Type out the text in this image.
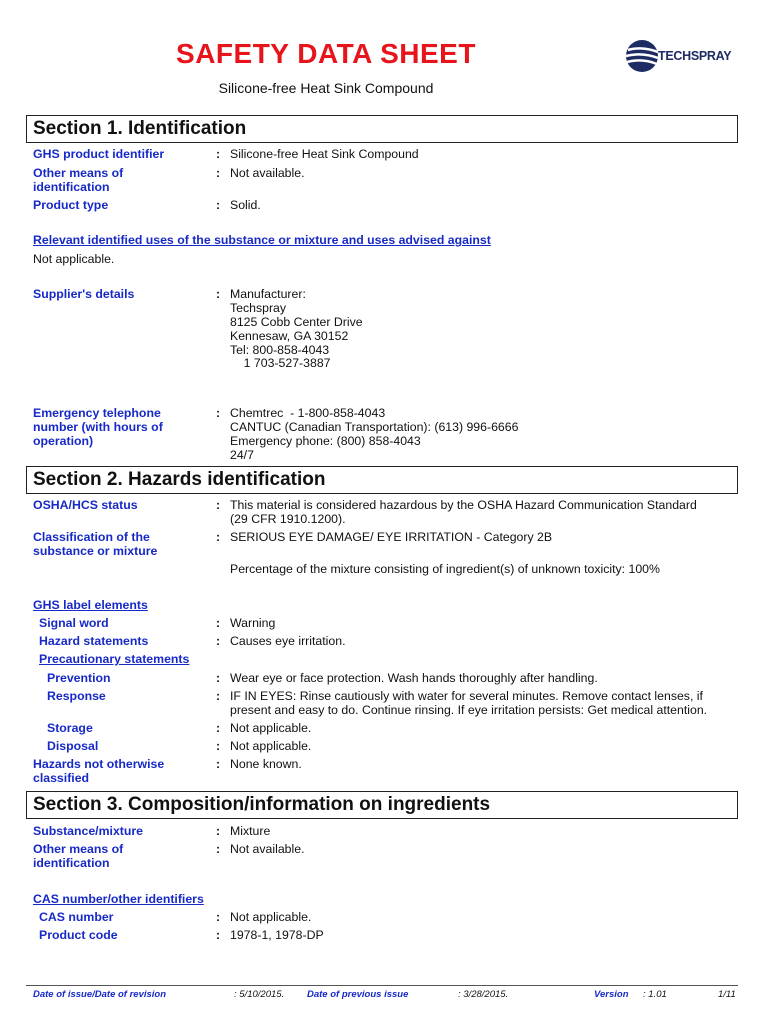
SAFETY DATA SHEET
Silicone-free Heat Sink Compound
TECHSPRAY
Section 1. Identification
GHS product identifier	: Silicone-free Heat Sink Compound
Other means of
identification
: Not available.
Product type	: Solid.
Relevant identified uses of the substance or mixture and uses advised against
Not applicable.
Supplier's details	: Manufacturer:
Techspray
8125 Cobb Center Drive
Kennesaw, GA 30152
Tel: 800-858-4043
1 703-527-3887
Emergency telephone
number (with hours of
operation)
: Chemtrec  - 1-800-858-4043
CANTUC (Canadian Transportation): (613) 996-6666
Emergency phone: (800) 858-4043
24/7
Section 2. Hazards identification
OSHA/HCS status	: This material is considered hazardous by the OSHA Hazard Communication Standard
(29 CFR 1910.1200).
Classification of the
substance or mixture
: SERIOUS EYE DAMAGE/ EYE IRRITATION - Category 2B
Percentage of the mixture consisting of ingredient(s) of unknown toxicity: 100%
GHS label elements
Signal word	: Warning
Hazard statements	: Causes eye irritation.
Precautionary statements
Prevention	: Wear eye or face protection. Wash hands thoroughly after handling.
Response	: IF IN EYES: Rinse cautiously with water for several minutes. Remove contact lenses, if
present and easy to do. Continue rinsing. If eye irritation persists: Get medical attention.
Storage	: Not applicable.
Disposal	: Not applicable.
Hazards not otherwise
classified
: None known.
Section 3. Composition/information on ingredients
Substance/mixture	: Mixture
Other means of
identification
: Not available.
CAS number/other identifiers
CAS number	: Not applicable.
Product code	: 1978-1, 1978-DP
Date of issue/Date of revision	: 5/10/2015. Date of previous issue	: 3/28/2015.	Version : 1.01	1/11
